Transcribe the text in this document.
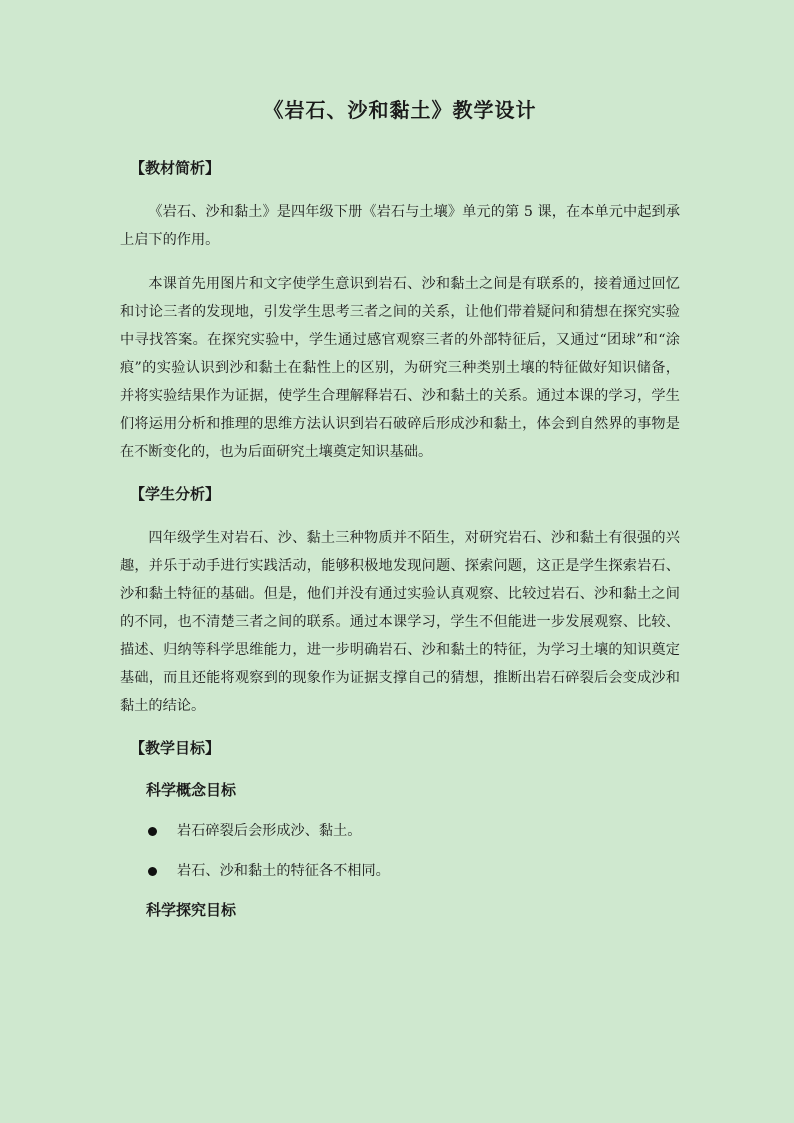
《岩石、沙和黏土》教学设计
【教材简析】
《岩石、沙和黏土》是四年级下册《岩石与土壤》单元的第 5 课，在本单元中起到承上启下的作用。
本课首先用图片和文字使学生意识到岩石、沙和黏土之间是有联系的，接着通过回忆和讨论三者的发现地，引发学生思考三者之间的关系，让他们带着疑问和猜想在探究实验中寻找答案。在探究实验中，学生通过感官观察三者的外部特征后，又通过“团球”和“涂痕”的实验认识到沙和黏土在黏性上的区别，为研究三种类别土壤的特征做好知识储备，并将实验结果作为证据，使学生合理解释岩石、沙和黏土的关系。通过本课的学习，学生们将运用分析和推理的思维方法认识到岩石破碎后形成沙和黏土，体会到自然界的事物是在不断变化的，也为后面研究土壤奠定知识基础。
【学生分析】
四年级学生对岩石、沙、黏土三种物质并不陌生，对研究岩石、沙和黏土有很强的兴趣，并乐于动手进行实践活动，能够积极地发现问题、探索问题，这正是学生探索岩石、沙和黏土特征的基础。但是，他们并没有通过实验认真观察、比较过岩石、沙和黏土之间的不同，也不清楚三者之间的联系。通过本课学习，学生不但能进一步发展观察、比较、描述、归纳等科学思维能力，进一步明确岩石、沙和黏土的特征，为学习土壤的知识奠定基础，而且还能将观察到的现象作为证据支撑自己的猜想，推断出岩石碎裂后会变成沙和黏土的结论。
【教学目标】
科学概念目标
岩石碎裂后会形成沙、黏土。
岩石、沙和黏土的特征各不相同。
科学探究目标
